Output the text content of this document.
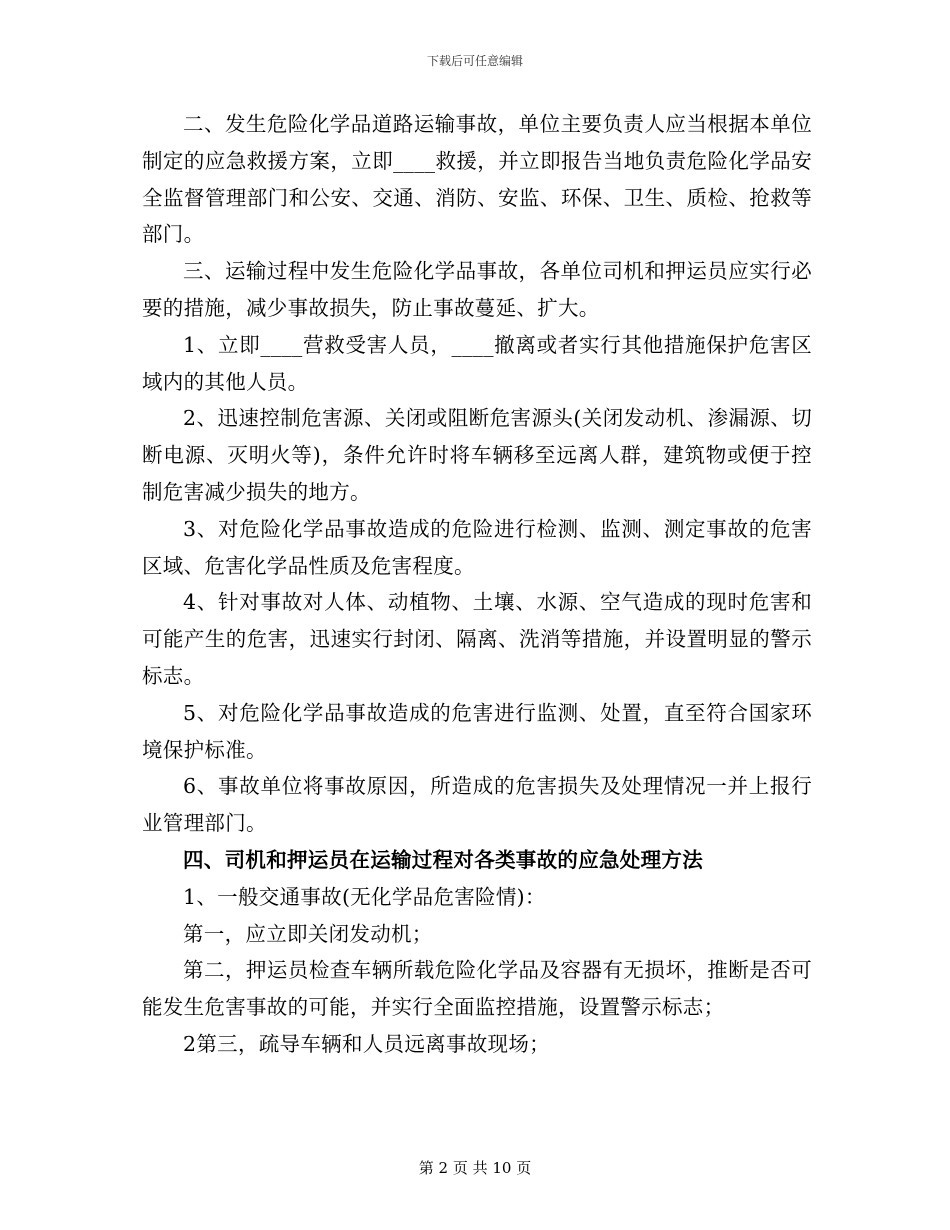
下载后可任意编辑

二、发生危险化学品道路运输事故，单位主要负责人应当根据本单位制定的应急救援方案，立即____救援，并立即报告当地负责危险化学品安全监督管理部门和公安、交通、消防、安监、环保、卫生、质检、抢救等部门。

三、运输过程中发生危险化学品事故，各单位司机和押运员应实行必要的措施，减少事故损失，防止事故蔓延、扩大。

1、立即____营救受害人员，____撤离或者实行其他措施保护危害区域内的其他人员。

2、迅速控制危害源、关闭或阻断危害源头(关闭发动机、渗漏源、切断电源、灭明火等)，条件允许时将车辆移至远离人群，建筑物或便于控制危害减少损失的地方。

3、对危险化学品事故造成的危险进行检测、监测、测定事故的危害区域、危害化学品性质及危害程度。

4、针对事故对人体、动植物、土壤、水源、空气造成的现时危害和可能产生的危害，迅速实行封闭、隔离、洗消等措施，并设置明显的警示标志。

5、对危险化学品事故造成的危害进行监测、处置，直至符合国家环境保护标准。

6、事故单位将事故原因，所造成的危害损失及处理情况一并上报行业管理部门。

四、司机和押运员在运输过程对各类事故的应急处理方法

1、一般交通事故(无化学品危害险情)：

第一，应立即关闭发动机；

第二，押运员检查车辆所载危险化学品及容器有无损坏，推断是否可能发生危害事故的可能，并实行全面监控措施，设置警示标志；

2第三，疏导车辆和人员远离事故现场；

第 2 页 共 10 页
